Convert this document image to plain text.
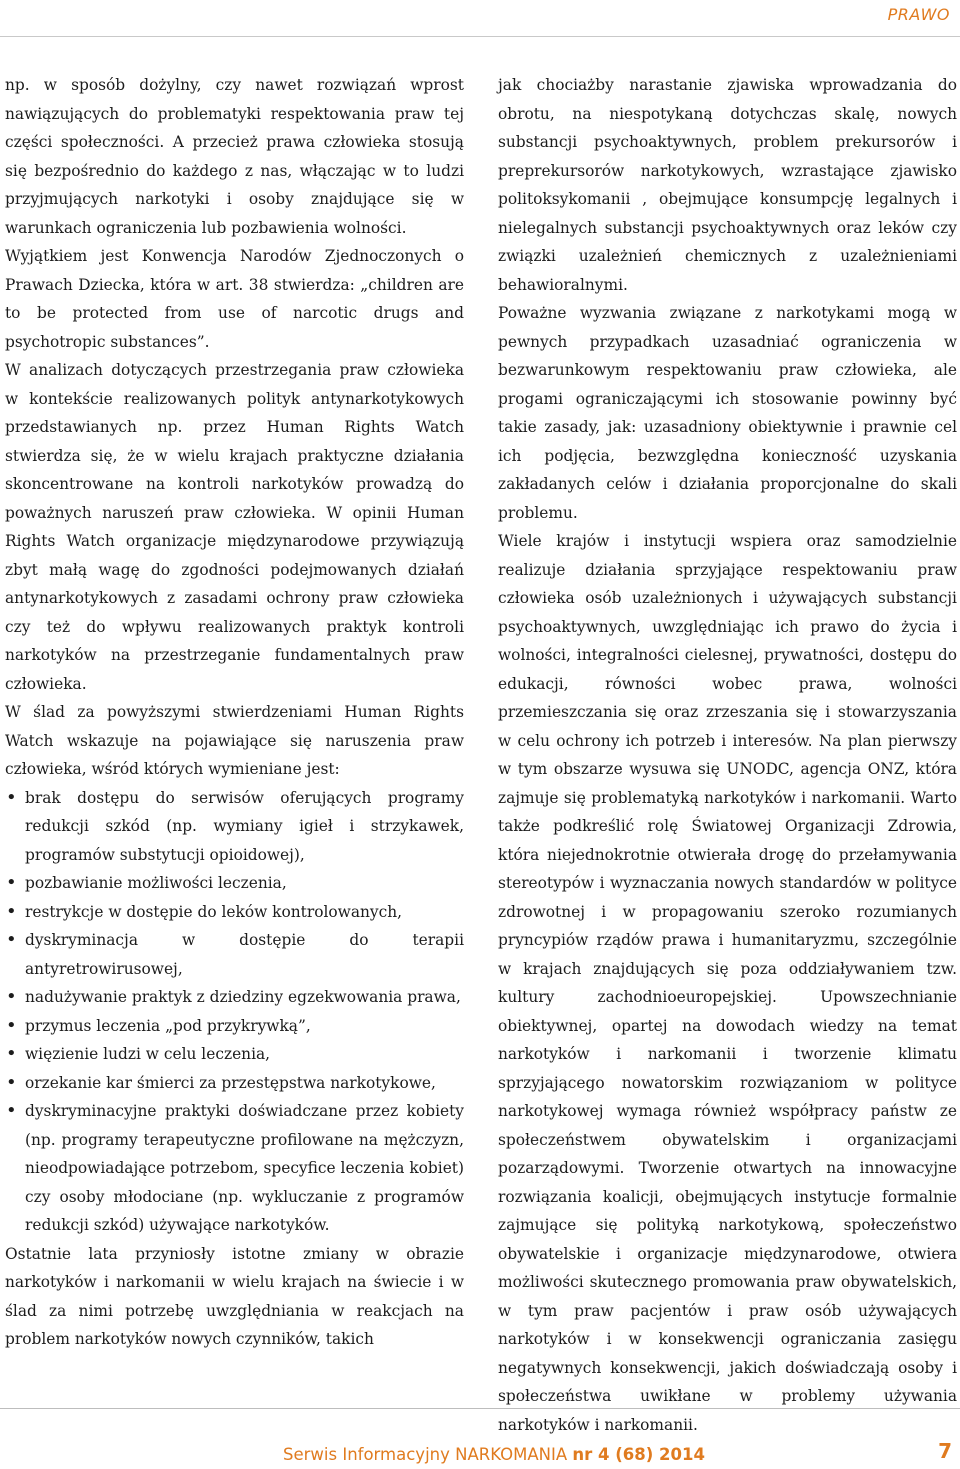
PRAWO

np. w sposób dożylny, czy nawet rozwiązań wprost nawiązujących do problematyki respektowania praw tej części społeczności. A przecież prawa człowieka stosują się bezpośrednio do każdego z nas, włączając w to ludzi przyjmujących narkotyki i osoby znajdujące się w warunkach ograniczenia lub pozbawienia wolności.

Wyjątkiem jest Konwencja Narodów Zjednoczonych o Prawach Dziecka, która w art. 38 stwierdza: „children are to be protected from use of narcotic drugs and psychotropic substances”.

W analizach dotyczących przestrzegania praw człowieka w kontekście realizowanych polityk antynarkotykowych przedstawianych np. przez Human Rights Watch stwierdza się, że w wielu krajach praktyczne działania skoncentrowane na kontroli narkotyków prowadzą do poważnych naruszeń praw człowieka. W opinii Human Rights Watch organizacje międzynarodowe przywiązują zbyt małą wagę do zgodności podejmowanych działań antynarkotykowych z zasadami ochrony praw człowieka czy też do wpływu realizowanych praktyk kontroli narkotyków na przestrzeganie fundamentalnych praw człowieka.

W ślad za powyższymi stwierdzeniami Human Rights Watch wskazuje na pojawiające się naruszenia praw człowieka, wśród których wymieniane jest:

• brak dostępu do serwisów oferujących programy redukcji szkód (np. wymiany igieł i strzykawek, programów substytucji opioidowej),
• pozbawianie możliwości leczenia,
• restrykcje w dostępie do leków kontrolowanych,
• dyskryminacja w dostępie do terapii antyretrowirusowej,
• nadużywanie praktyk z dziedziny egzekwowania prawa,
• przymus leczenia „pod przykrywką”,
• więzienie ludzi w celu leczenia,
• orzekanie kar śmierci za przestępstwa narkotykowe,
• dyskryminacyjne praktyki doświadczane przez kobiety (np. programy terapeutyczne profilowane na mężczyzn, nieodpowiadające potrzebom, specyfice leczenia kobiet) czy osoby młodociane (np. wykluczanie z programów redukcji szkód) używające narkotyków.

Ostatnie lata przyniosły istotne zmiany w obrazie narkotyków i narkomanii w wielu krajach na świecie i w ślad za nimi potrzebę uwzględniania w reakcjach na problem narkotyków nowych czynników, takich

jak chociażby narastanie zjawiska wprowadzania do obrotu, na niespotykaną dotychczas skalę, nowych substancji psychoaktywnych, problem prekursorów i preprekursorów narkotykowych, wzrastające zjawisko politoksykomanii , obejmujące konsumpcję legalnych i nielegalnych substancji psychoaktywnych oraz leków czy związki uzależnień chemicznych z uzależnieniami behawioralnymi.

Poważne wyzwania związane z narkotykami mogą w pewnych przypadkach uzasadniać ograniczenia w bezwarunkowym respektowaniu praw człowieka, ale progami ograniczającymi ich stosowanie powinny być takie zasady, jak: uzasadniony obiektywnie i prawnie cel ich podjęcia, bezwzględna konieczność uzyskania zakładanych celów i działania proporcjonalne do skali problemu.

Wiele krajów i instytucji wspiera oraz samodzielnie realizuje działania sprzyjające respektowaniu praw człowieka osób uzależnionych i używających substancji psychoaktywnych, uwzględniając ich prawo do życia i wolności, integralności cielesnej, prywatności, dostępu do edukacji, równości wobec prawa, wolności przemieszczania się oraz zrzeszania się i stowarzyszania w celu ochrony ich potrzeb i interesów. Na plan pierwszy w tym obszarze wysuwa się UNODC, agencja ONZ, która zajmuje się problematyką narkotyków i narkomanii. Warto także podkreślić rolę Światowej Organizacji Zdrowia, która niejednokrotnie otwierała drogę do przełamywania stereotypów i wyznaczania nowych standardów w polityce zdrowotnej i w propagowaniu szeroko rozumianych pryncypiów rządów prawa i humanitaryzmu, szczególnie w krajach znajdujących się poza oddziaływaniem tzw. kultury zachodnioeuropejskiej. Upowszechnianie obiektywnej, opartej na dowodach wiedzy na temat narkotyków i narkomanii i tworzenie klimatu sprzyjającego nowatorskim rozwiązaniom w polityce narkotykowej wymaga również współpracy państw ze społeczeństwem obywatelskim i organizacjami pozarządowymi. Tworzenie otwartych na innowacyjne rozwiązania koalicji, obejmujących instytucje formalnie zajmujące się polityką narkotykową, społeczeństwo obywatelskie i organizacje międzynarodowe, otwiera możliwości skutecznego promowania praw obywatelskich, w tym praw pacjentów i praw osób używających narkotyków i w konsekwencji ograniczania zasięgu negatywnych konsekwencji, jakich doświadczają osoby i społeczeństwa uwikłane w problemy używania narkotyków i narkomanii.

Serwis Informacyjny NARKOMANIA nr 4 (68) 2014	7
